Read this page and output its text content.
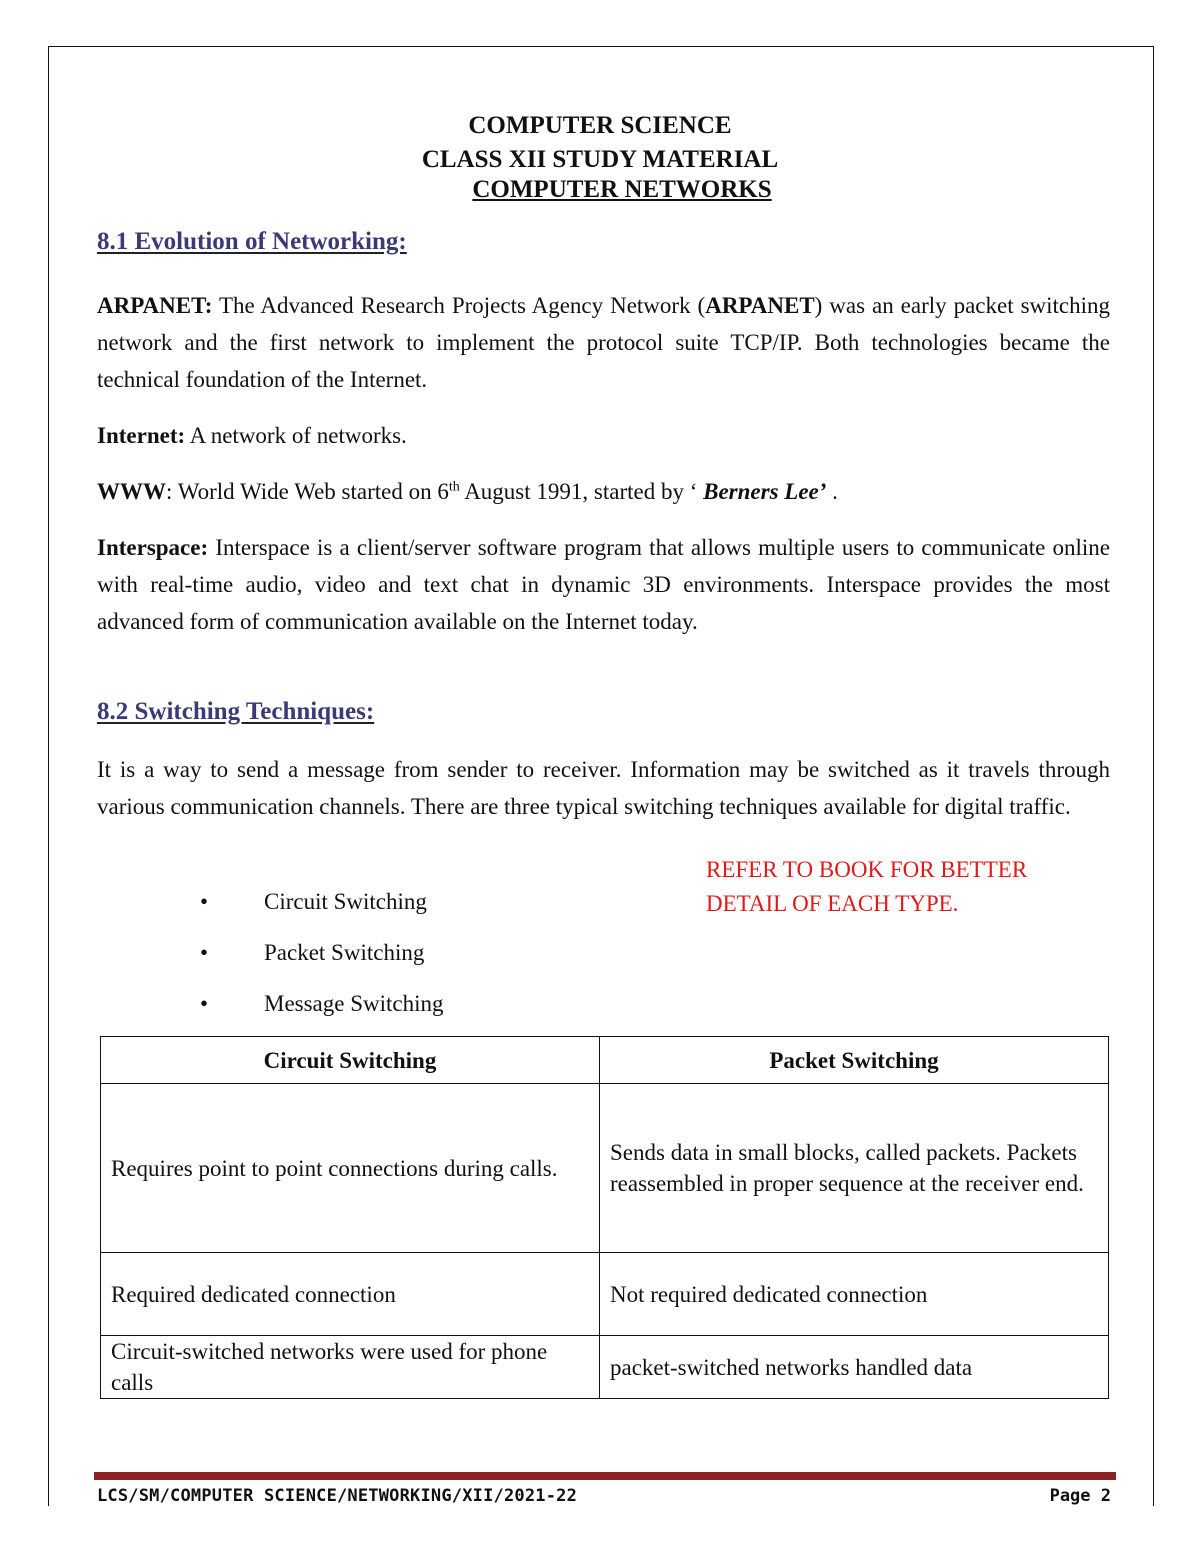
COMPUTER SCIENCE
CLASS XII STUDY MATERIAL
COMPUTER NETWORKS
8.1 Evolution of Networking:
ARPANET: The Advanced Research Projects Agency Network (ARPANET) was an early packet switching network and the first network to implement the protocol suite TCP/IP. Both technologies became the technical foundation of the Internet.
Internet: A network of networks.
WWW: World Wide Web started on 6th August 1991, started by ‘ Berners Lee’ .
Interspace: Interspace is a client/server software program that allows multiple users to communicate online with real-time audio, video and text chat in dynamic 3D environments. Interspace provides the most advanced form of communication available on the Internet today.
8.2 Switching Techniques:
It is a way to send a message from sender to receiver. Information may be switched as it travels through various communication channels. There are three typical switching techniques available for digital traffic.
REFER TO BOOK FOR BETTER
DETAIL OF EACH TYPE.
•	Circuit Switching
•	Packet Switching
•	Message Switching
Circuit Switching	Packet Switching
Requires point to point connections during calls.	Sends data in small blocks, called packets. Packets reassembled in proper sequence at the receiver end.
Required dedicated connection	Not required dedicated connection
Circuit-switched networks were used for phone calls	packet-switched networks handled data
LCS/SM/COMPUTER SCIENCE/NETWORKING/XII/2021-22	Page 2
